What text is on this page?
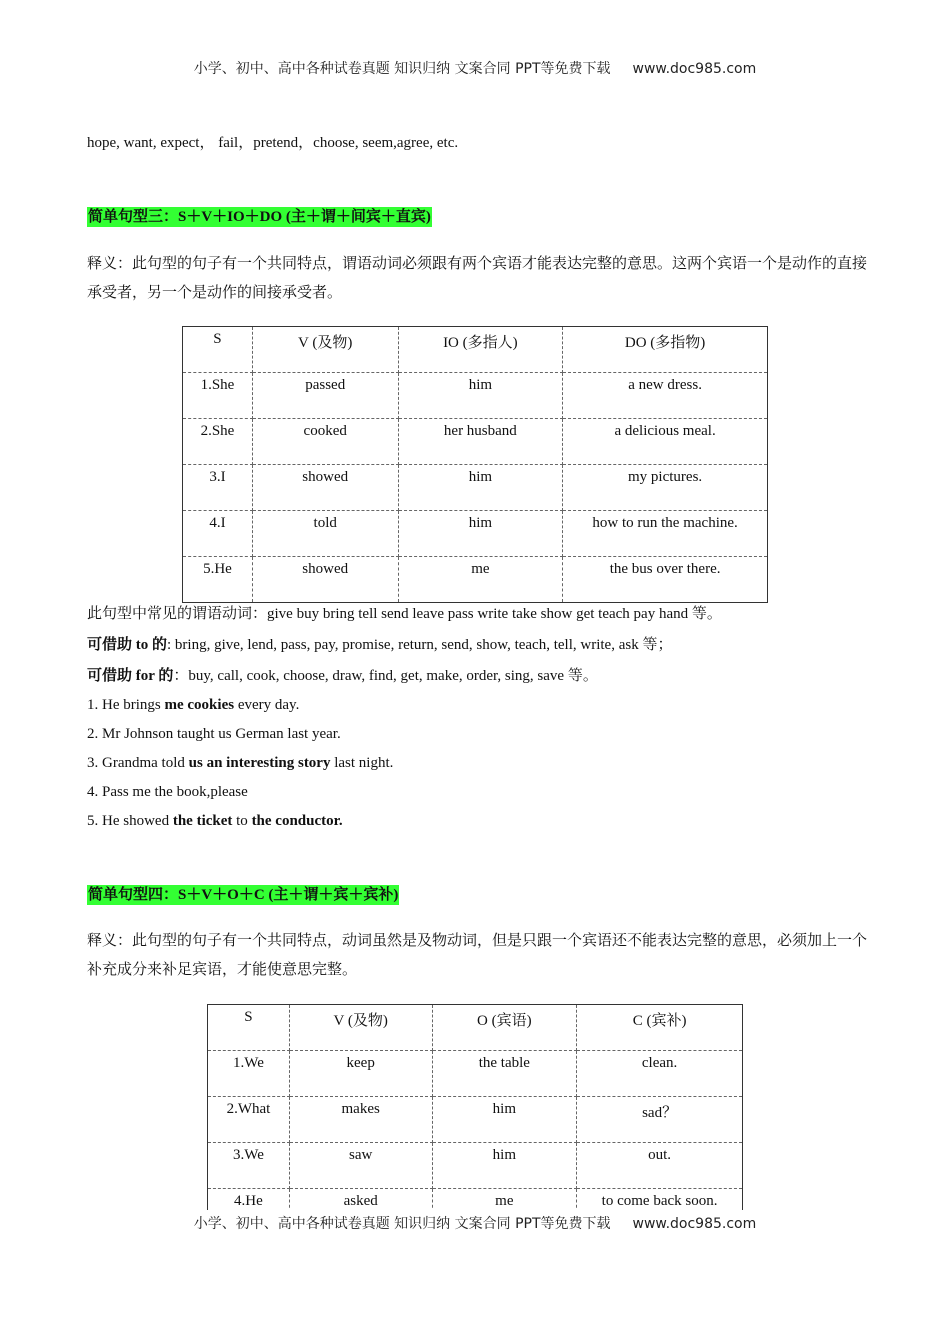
小学、初中、高中各种试卷真题 知识归纳 文案合同 PPT等免费下载 www.doc985.com
hope, want, expect， fail，pretend，choose, seem,agree, etc.
简单句型三：S＋V＋IO＋DO (主＋谓＋间宾＋直宾)
释义：此句型的句子有一个共同特点，谓语动词必须跟有两个宾语才能表达完整的意思。这两个宾语一个是动作的直接承受者，另一个是动作的间接承受者。
S	V (及物)	IO (多指人)	DO (多指物)
1.She	passed	him	a new dress.
2.She	cooked	her husband	a delicious meal.
3.I	showed	him	my pictures.
4.I	told	him	how to run the machine.
5.He	showed	me	the bus over there.
此句型中常见的谓语动词：give buy bring tell send leave pass write take show get teach pay hand 等。
可借助 to 的: bring, give, lend, pass, pay, promise, return, send, show, teach, tell, write, ask 等；
可借助 for 的：buy, call, cook, choose, draw, find, get, make, order, sing, save 等。
1. He brings me cookies every day.
2. Mr Johnson taught us German last year.
3. Grandma told us an interesting story last night.
4. Pass me the book,please
5. He showed the ticket to the conductor.
简单句型四：S＋V＋O＋C (主＋谓＋宾＋宾补)
释义：此句型的句子有一个共同特点，动词虽然是及物动词，但是只跟一个宾语还不能表达完整的意思，必须加上一个补充成分来补足宾语，才能使意思完整。
S	V (及物)	O (宾语)	C (宾补)
1.We	keep	the table	clean.
2.What	makes	him	sad？
3.We	saw	him	out.
4.He	asked	me	to come back soon.
小学、初中、高中各种试卷真题 知识归纳 文案合同 PPT等免费下载 www.doc985.com
